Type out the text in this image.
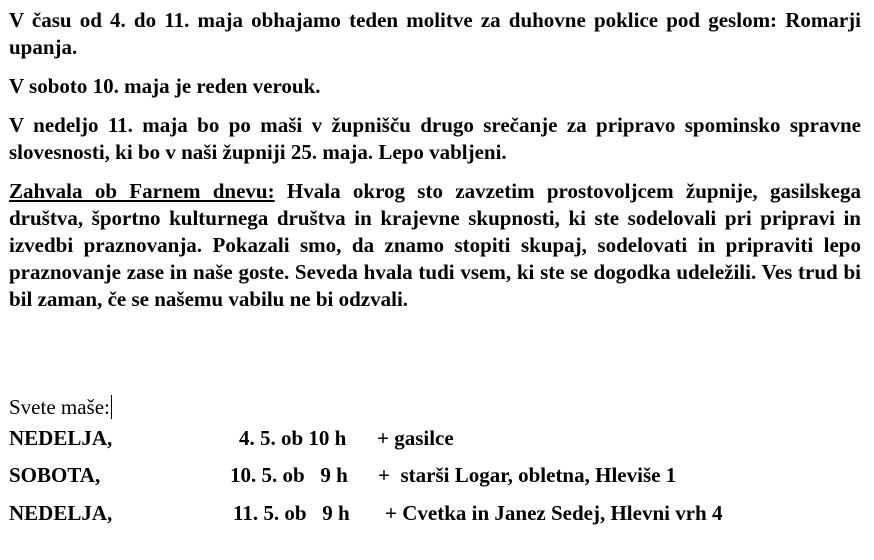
V času od 4. do 11. maja obhajamo teden molitve za duhovne poklice pod geslom: Romarji upanja.

V soboto 10. maja je reden verouk.

V nedeljo 11. maja bo po maši v župnišču drugo srečanje za pripravo spominsko spravne slovesnosti, ki bo v naši župniji 25. maja. Lepo vabljeni.

Zahvala ob Farnem dnevu: Hvala okrog sto zavzetim prostovoljcem župnije, gasilskega društva, športno kulturnega društva in krajevne skupnosti, ki ste sodelovali pri pripravi in izvedbi praznovanja. Pokazali smo, da znamo stopiti skupaj, sodelovati in pripraviti lepo praznovanje zase in naše goste. Seveda hvala tudi vsem, ki ste se dogodka udeležili. Ves trud bi bil zaman, če se našemu vabilu ne bi odzvali.

Svete maše:
NEDELJA,	4. 5. ob 10 h + gasilce
SOBOTA,	10. 5. ob   9 h +  starši Logar, obletna, Hleviše 1
NEDELJA,	11. 5. ob   9 h + Cvetka in Janez Sedej, Hlevni vrh 4
